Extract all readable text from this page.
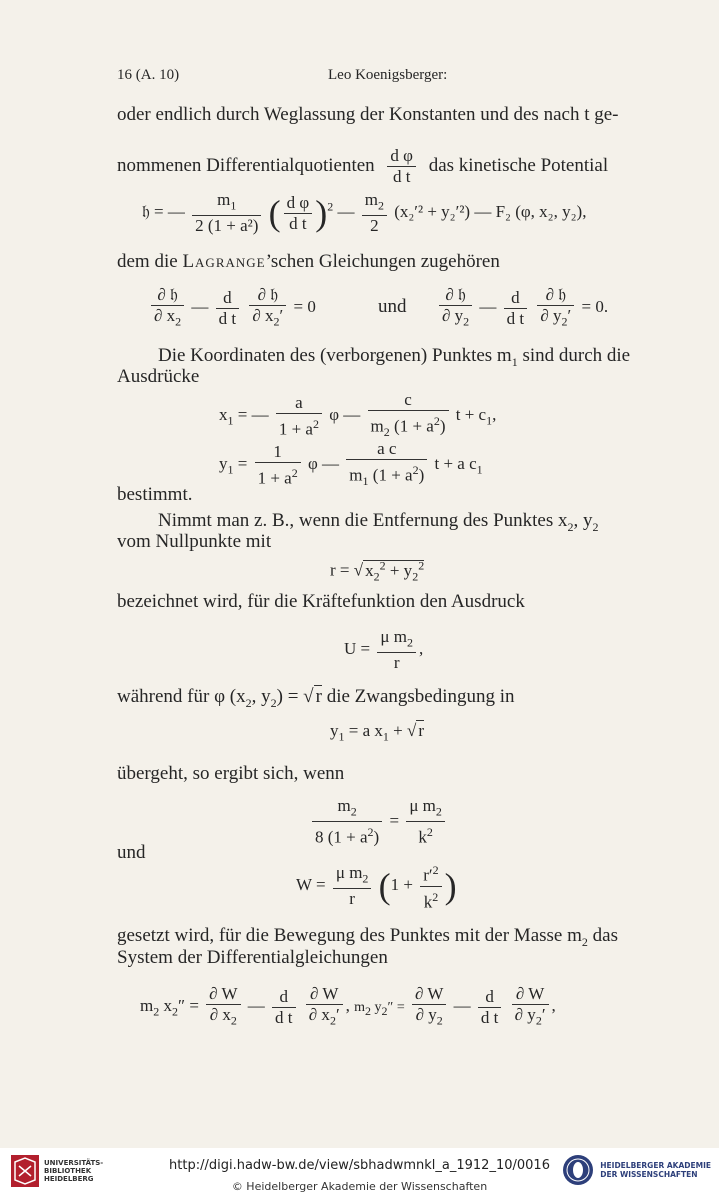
16 (A. 10)	Leo Koenigsberger:
oder endlich durch Weglassung der Konstanten und des nach t ge-
nommenen Differentialquotienten $\frac{\text{d φ}}{\text{d t}}$ das kinetische Potential
𝔥 = — $\frac{m_1}{\text{2 (1 + a²)}}$ ( $\frac{\text{d φ}}{\text{d t}} )^2$ — $\frac{m_2}{2} (x_2'^2 + y_2'^2)$ — F₂ (φ, x₂, y₂),
dem die Lagrange’schen Gleichungen zugehören
$\frac{\text{∂ 𝔥}}{\partial x_2}$ — $\frac{d}{\text{d t}}$
$\frac{\text{∂ 𝔥}}{\partial x_2'} = 0$	und $\frac{\text{∂ 𝔥}}{\partial y_2}$ — $\frac{d}{\text{d t}}$
$\frac{\text{∂ 𝔥}}{\partial y_2'} = 0$.
Die Koordinaten des (verborgenen) Punktes $m_1$ sind durch die
Ausdrücke
$x_1$ = — $\frac{a}{1 + a^2}$ φ — $\frac{c}{m_2 (1 + a^2)}$ $t + c_1$,
$y_1 = \frac{1}{1 + a^2}$ φ — $\frac{\text{a c}}{m_1 (1 + a^2)}$ t + a $c_1$
bestimmt.
Nimmt man z. B., wenn die Entfernung des Punktes $x_2$, $y_2$
vom Nullpunkte mit
r = √ $x_2^2 + y_2^2$
bezeichnet wird, für die Kräftefunktion den Ausdruck
$U = \frac{\mu m_2}{r}$ ,
während für φ ($x_2$, $y_2$) = √ r die Zwangsbedingung in
$y_1 = a$ $x_1$ + √ r
übergeht, so ergibt sich, wenn
$\frac{m_2}{8 (1 + a^2)} = \frac{\mu m_2}{k^2}$
und
$W = \frac{\mu m_2}{r} (1 + \frac{r'^2}{k^2}$ )
gesetzt wird, für die Bewegung des Punktes mit der Masse $m_2$ das
System der Differentialgleichungen
$m_2$ $x_2'' = \frac{\partial W}{\partial x_2}$ — $\frac{d}{\text{d t}}$
$\frac{\partial W}{\partial x_2'}$ , $m_2$ $y_2'' = \frac{\partial W}{\partial y_2}$ — $\frac{d}{\text{d t}}$
$\frac{\partial W}{\partial y_2'}$ ,
UNIVERSITÄTS-
BIBLIOTHEK
HEIDELBERG
http://digi.hadw-bw.de/view/sbhadwmnkl_a_1912_10/0016
© Heidelberger Akademie der Wissenschaften
HEIDELBERGER AKADEMIE
DER WISSENSCHAFTEN
